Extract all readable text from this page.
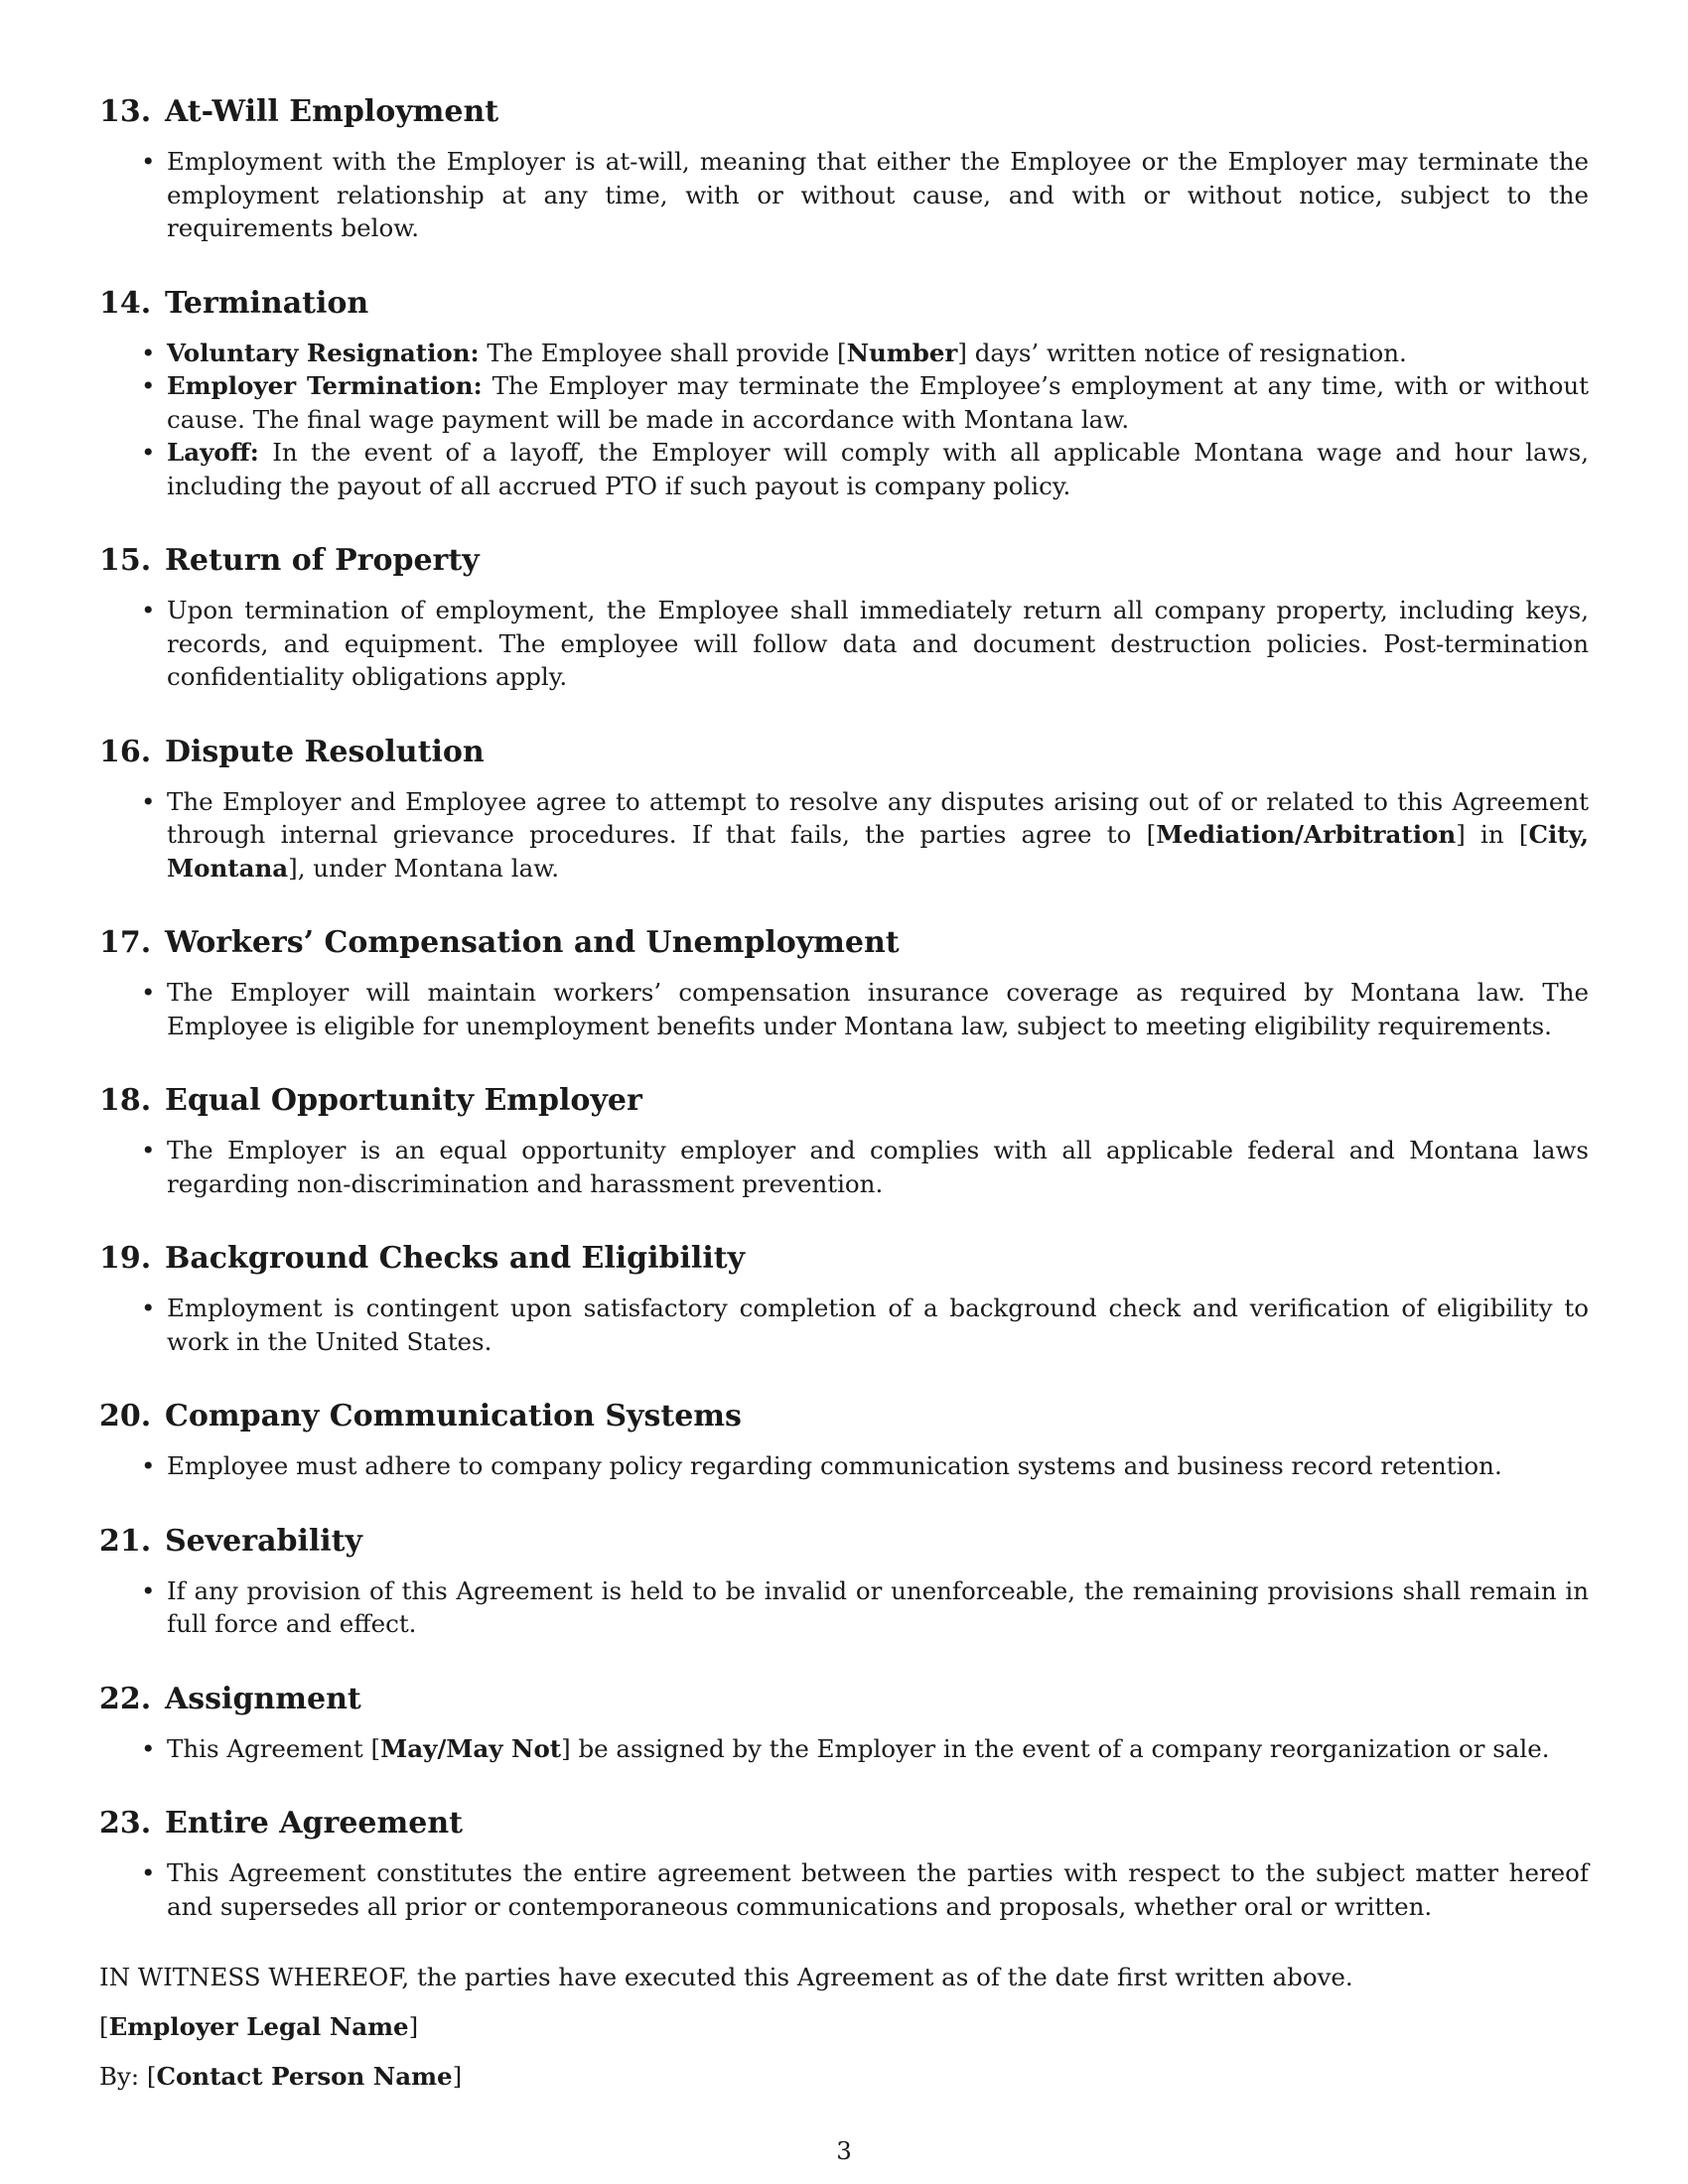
13. At-Will Employment
• Employment with the Employer is at-will, meaning that either the Employee or the Employer may terminate the employment relationship at any time, with or without cause, and with or without notice, subject to the requirements below.
14. Termination
• Voluntary Resignation: The Employee shall provide [Number] days’ written notice of resignation.
• Employer Termination: The Employer may terminate the Employee’s employment at any time, with or without cause. The final wage payment will be made in accordance with Montana law.
• Layoff: In the event of a layoff, the Employer will comply with all applicable Montana wage and hour laws, including the payout of all accrued PTO if such payout is company policy.
15. Return of Property
• Upon termination of employment, the Employee shall immediately return all company property, including keys, records, and equipment. The employee will follow data and document destruction policies. Post-termination confidentiality obligations apply.
16. Dispute Resolution
• The Employer and Employee agree to attempt to resolve any disputes arising out of or related to this Agreement through internal grievance procedures. If that fails, the parties agree to [Mediation/Arbitration] in [City, Montana], under Montana law.
17. Workers’ Compensation and Unemployment
• The Employer will maintain workers’ compensation insurance coverage as required by Montana law. The Employee is eligible for unemployment benefits under Montana law, subject to meeting eligibility requirements.
18. Equal Opportunity Employer
• The Employer is an equal opportunity employer and complies with all applicable federal and Montana laws regarding non-discrimination and harassment prevention.
19. Background Checks and Eligibility
• Employment is contingent upon satisfactory completion of a background check and verification of eligibility to work in the United States.
20. Company Communication Systems
• Employee must adhere to company policy regarding communication systems and business record retention.
21. Severability
• If any provision of this Agreement is held to be invalid or unenforceable, the remaining provisions shall remain in full force and effect.
22. Assignment
• This Agreement [May/May Not] be assigned by the Employer in the event of a company reorganization or sale.
23. Entire Agreement
• This Agreement constitutes the entire agreement between the parties with respect to the subject matter hereof and supersedes all prior or contemporaneous communications and proposals, whether oral or written.

IN WITNESS WHEREOF, the parties have executed this Agreement as of the date first written above.

[Employer Legal Name]

By: [Contact Person Name]

3
